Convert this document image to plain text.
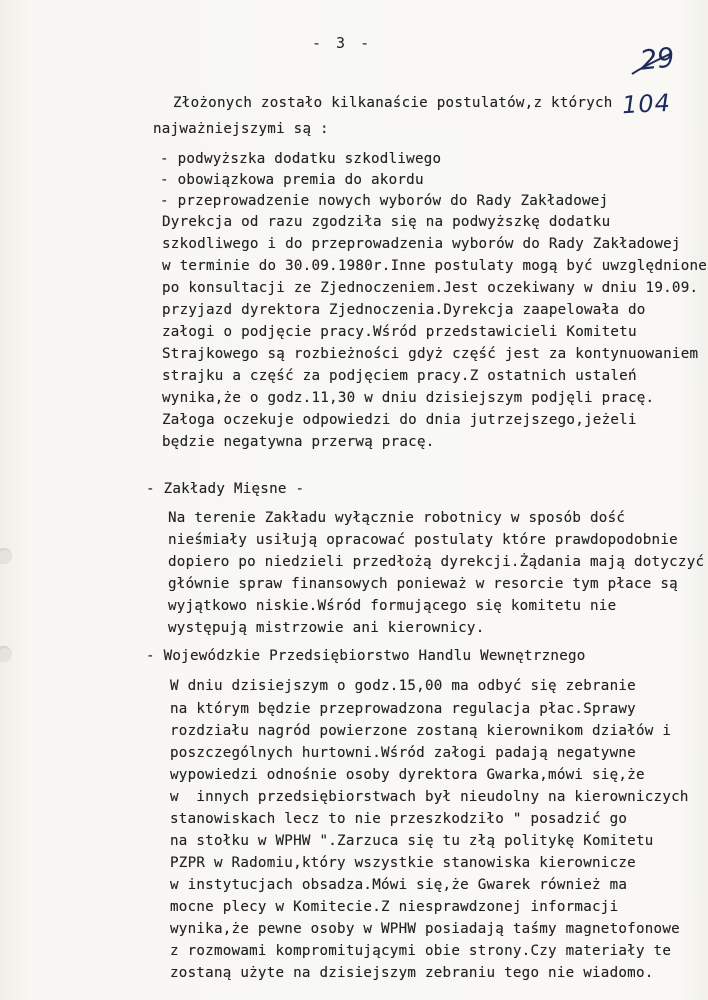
- 3 -	29
104
Złożonych zostało kilkanaście postulatów,z których
najważniejszymi są :
- podwyższka dodatku szkodliwego
- obowiązkowa premia do akordu
- przeprowadzenie nowych wyborów do Rady Zakładowej
Dyrekcja od razu zgodziła się na podwyższkę dodatku
szkodliwego i do przeprowadzenia wyborów do Rady Zakładowej
w terminie do 30.09.1980r.Inne postulaty mogą być uwzględnione
po konsultacji ze Zjednoczeniem.Jest oczekiwany w dniu 19.09.
przyjazd dyrektora Zjednoczenia.Dyrekcja zaapelowała do
załogi o podjęcie pracy.Wśród przedstawicieli Komitetu
Strajkowego są rozbieżności gdyż część jest za kontynuowaniem
strajku a część za podjęciem pracy.Z ostatnich ustaleń
wynika,że o godz.11,30 w dniu dzisiejszym podjęli pracę.
Załoga oczekuje odpowiedzi do dnia jutrzejszego,jeżeli
będzie negatywna przerwą pracę.
- Zakłady Mięsne -
Na terenie Zakładu wyłącznie robotnicy w sposób dość
nieśmiały usiłują opracować postulaty które prawdopodobnie
dopiero po niedzieli przedłożą dyrekcji.Żądania mają dotyczyć
głównie spraw finansowych ponieważ w resorcie tym płace są
wyjątkowo niskie.Wśród formującego się komitetu nie
występują mistrzowie ani kierownicy.
- Wojewódzkie Przedsiębiorstwo Handlu Wewnętrznego
W dniu dzisiejszym o godz.15,00 ma odbyć się zebranie
na którym będzie przeprowadzona regulacja płac.Sprawy
rozdziału nagród powierzone zostaną kierownikom działów i
poszczególnych hurtowni.Wśród załogi padają negatywne
wypowiedzi odnośnie osoby dyrektora Gwarka,mówi się,że
w  innych przedsiębiorstwach był nieudolny na kierowniczych
stanowiskach lecz to nie przeszkodziło " posadzić go
na stołku w WPHW ".Zarzuca się tu złą politykę Komitetu
PZPR w Radomiu,który wszystkie stanowiska kierownicze
w instytucjach obsadza.Mówi się,że Gwarek również ma
mocne plecy w Komitecie.Z niesprawdzonej informacji
wynika,że pewne osoby w WPHW posiadają taśmy magnetofonowe
z rozmowami kompromitującymi obie strony.Czy materiały te
zostaną użyte na dzisiejszym zebraniu tego nie wiadomo.
